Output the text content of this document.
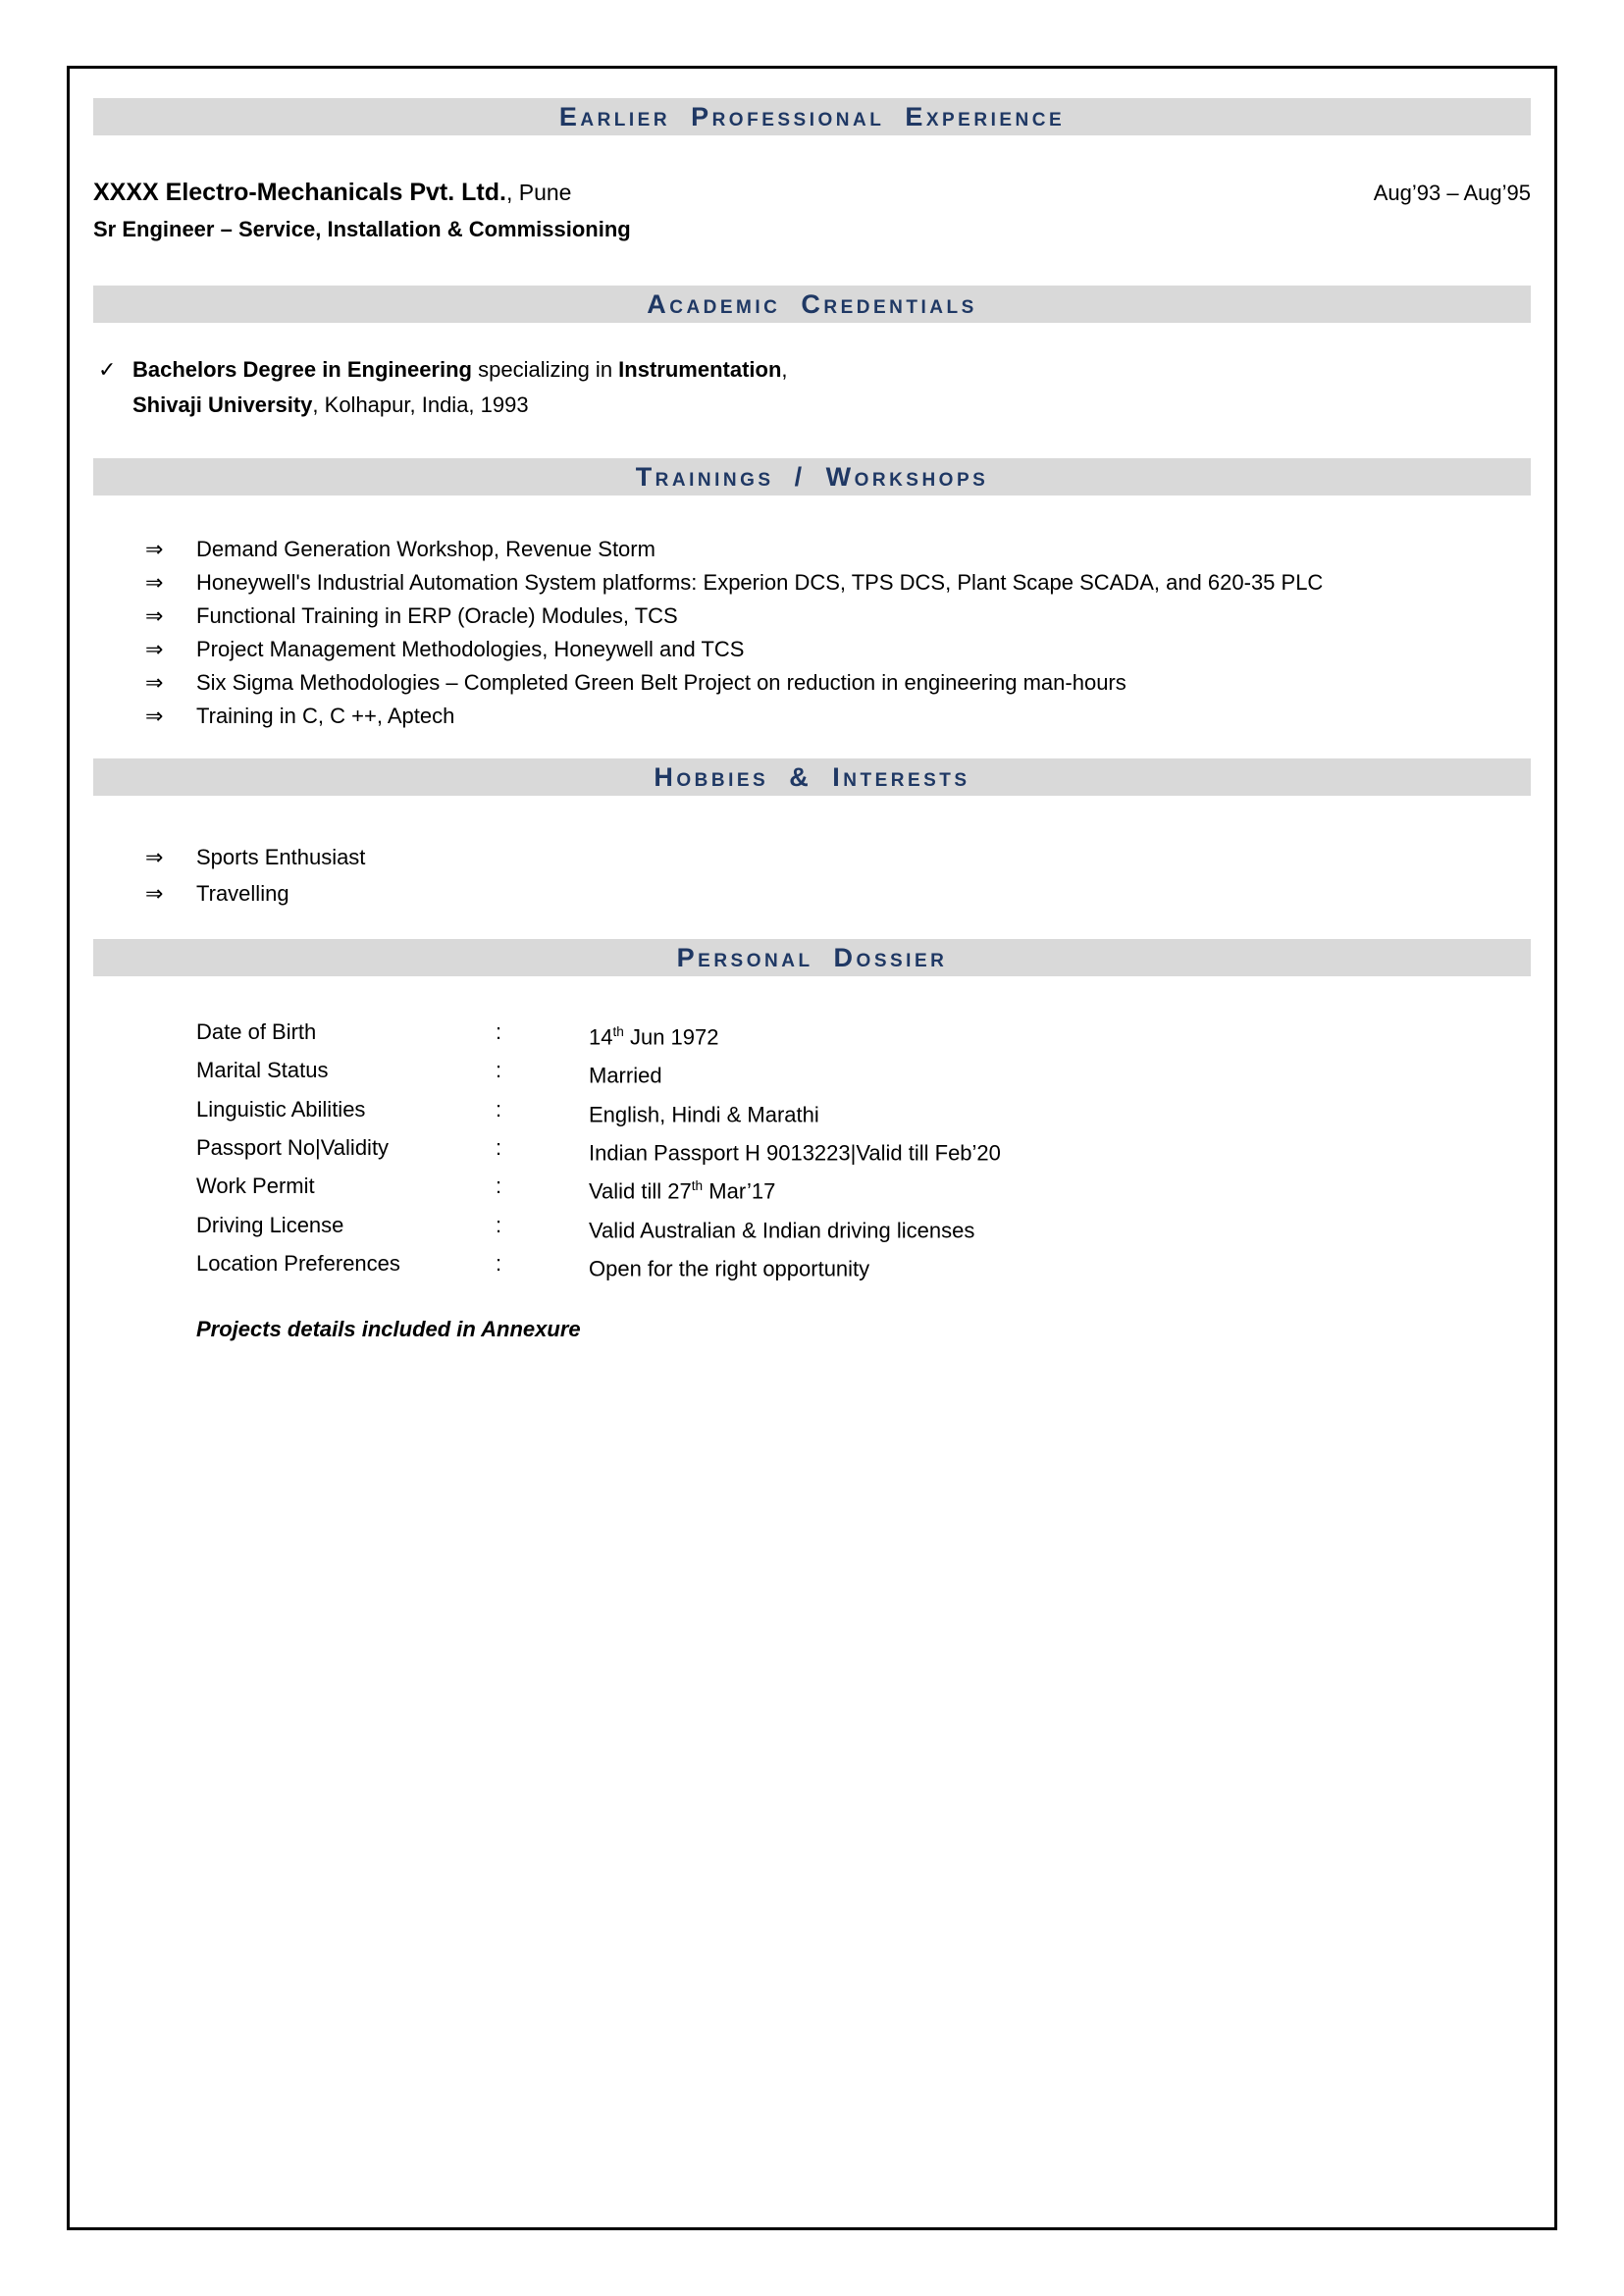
Earlier Professional Experience
XXXX Electro-Mechanicals Pvt. Ltd., Pune	Aug’93 – Aug’95
Sr Engineer – Service, Installation & Commissioning
Academic Credentials
✓ Bachelors Degree in Engineering specializing in Instrumentation,
Shivaji University, Kolhapur, India, 1993
Trainings / Workshops
⇒	Demand Generation Workshop, Revenue Storm
⇒	Honeywell's Industrial Automation System platforms: Experion DCS, TPS DCS, Plant Scape SCADA, and 620-35 PLC
⇒	Functional Training in ERP (Oracle) Modules, TCS
⇒	Project Management Methodologies, Honeywell and TCS
⇒	Six Sigma Methodologies – Completed Green Belt Project on reduction in engineering man-hours
⇒	Training in C, C ++, Aptech
Hobbies & Interests
⇒	Sports Enthusiast
⇒	Travelling
Personal Dossier
Date of Birth	:	14th Jun 1972
Marital Status	:	Married
Linguistic Abilities	:	English, Hindi & Marathi
Passport No|Validity	:	Indian Passport H 9013223|Valid till Feb’20
Work Permit	:	Valid till 27th Mar’17
Driving License	:	Valid Australian & Indian driving licenses
Location Preferences	:	Open for the right opportunity
Projects details included in Annexure
